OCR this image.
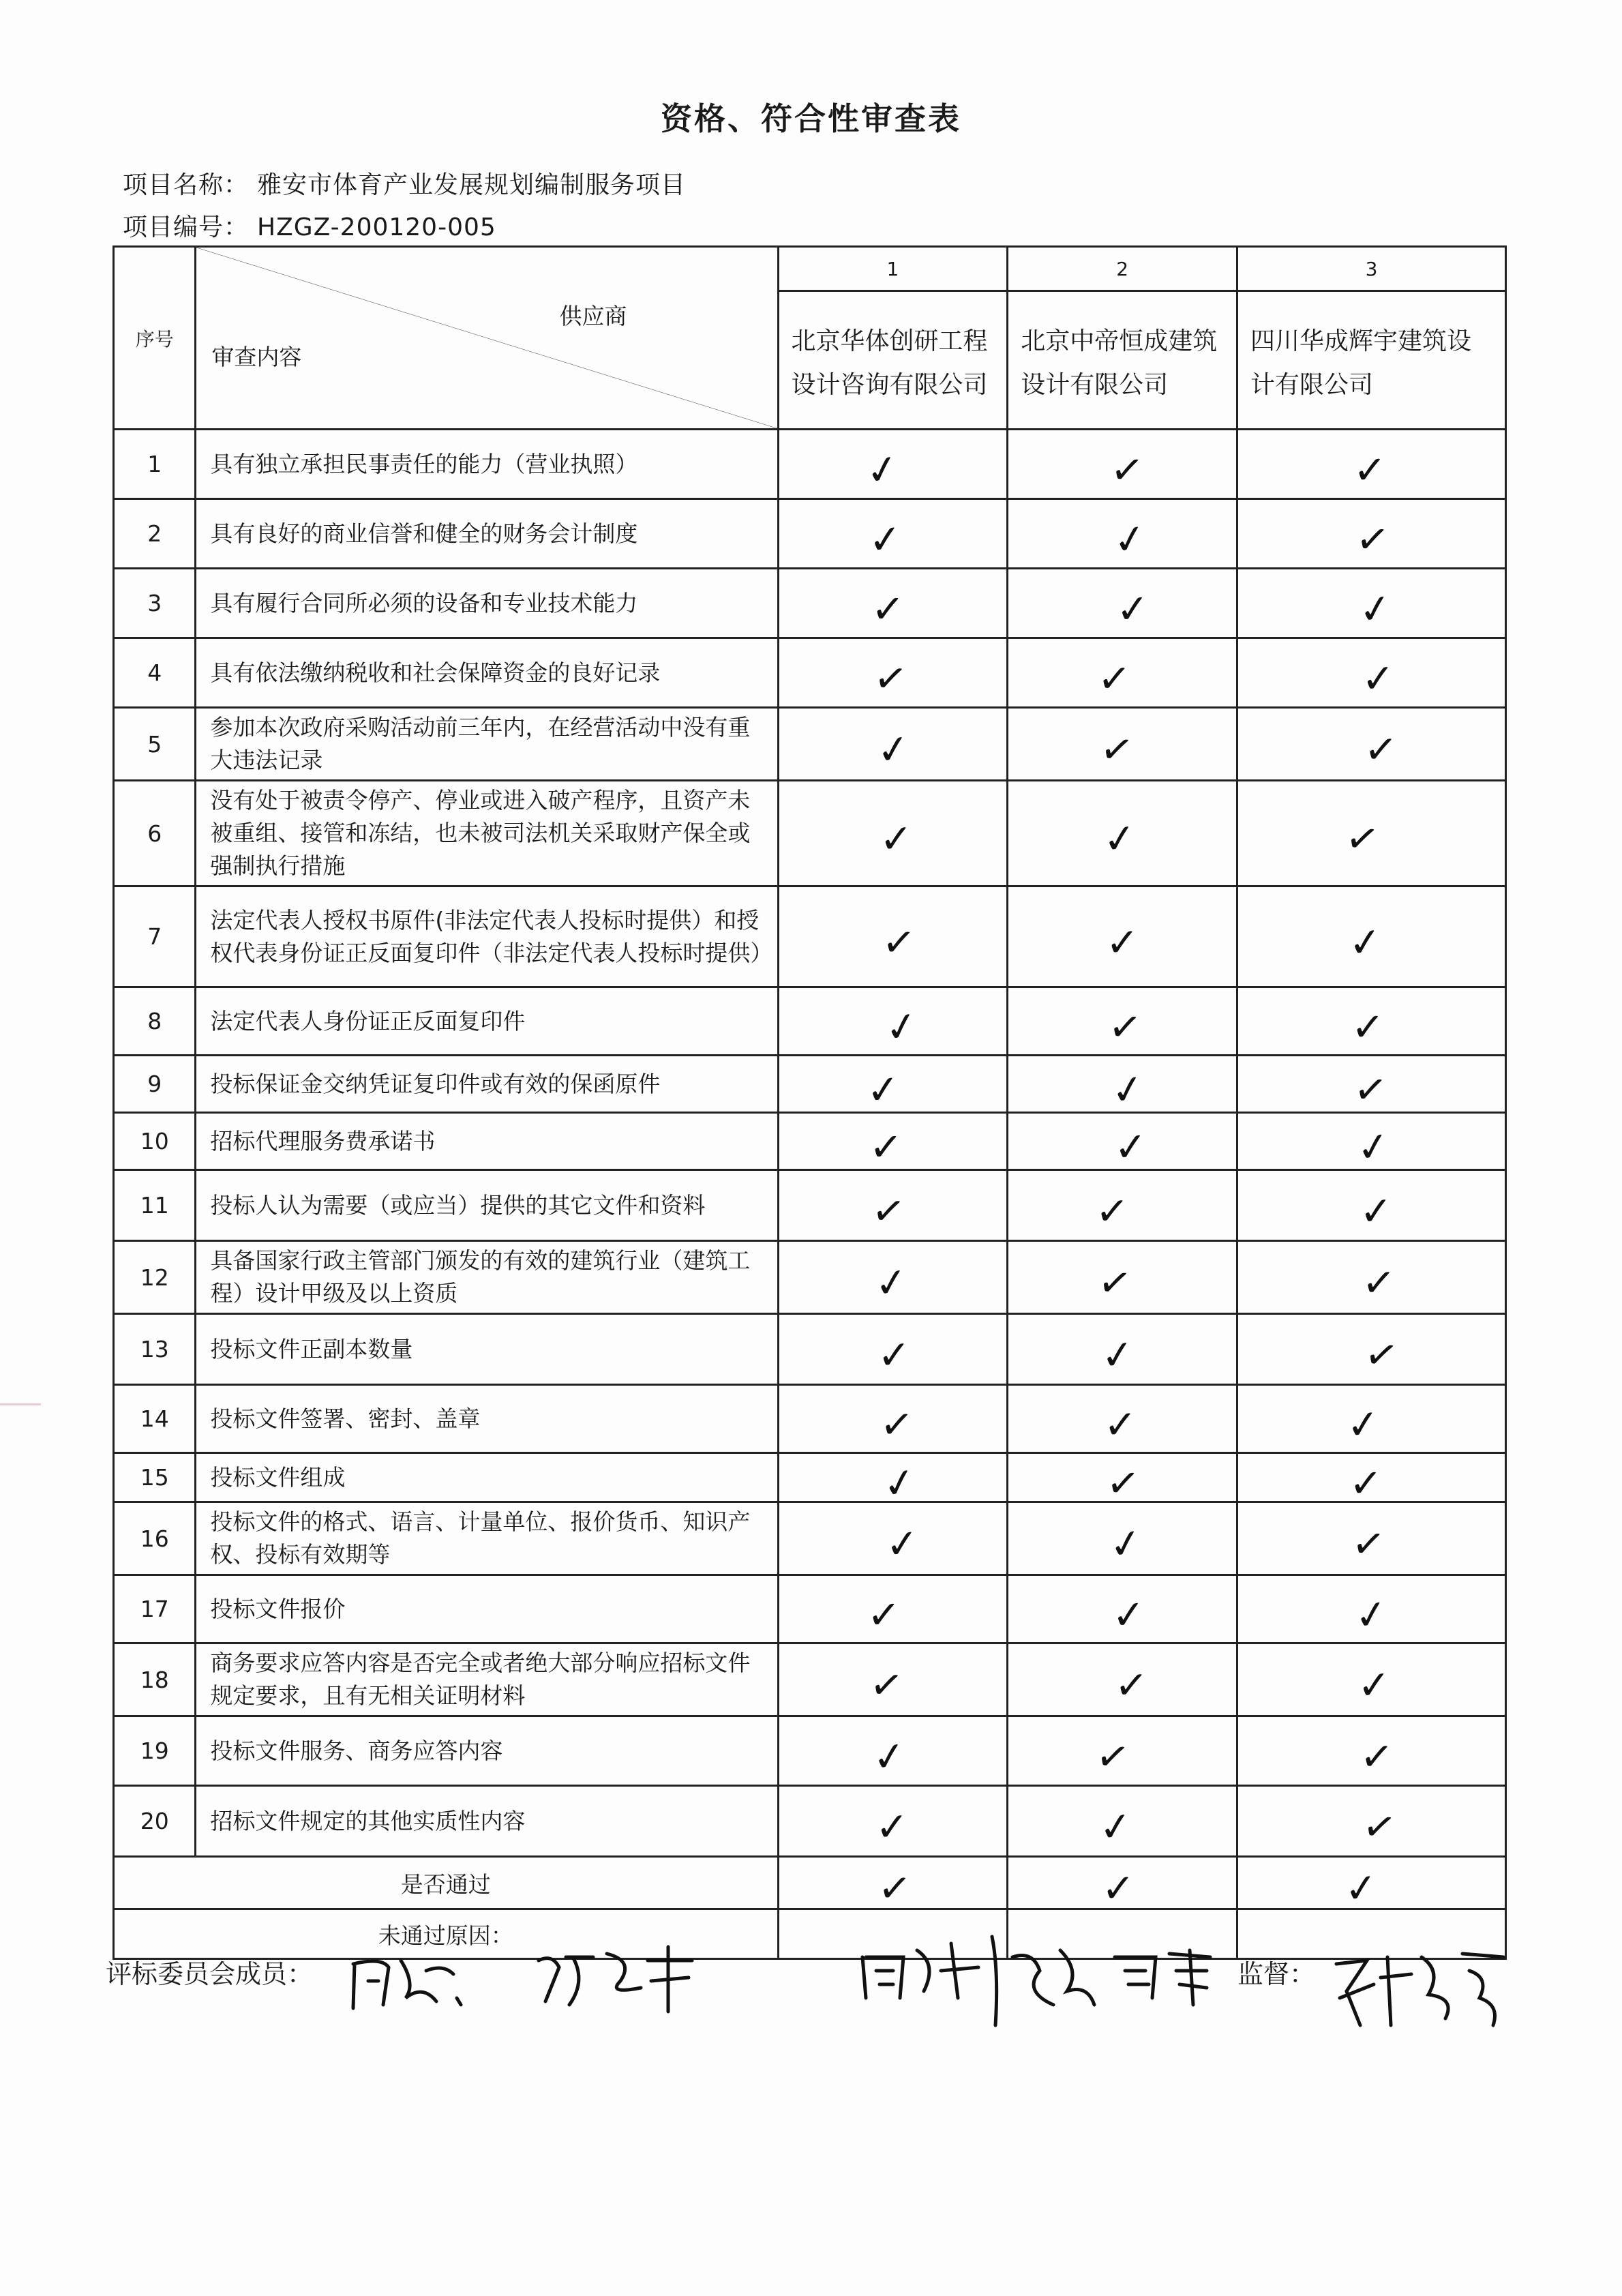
资格、符合性审查表
项目名称： 雅安市体育产业发展规划编制服务项目
项目编号： HZGZ-200120-005
序号	供应商
审查内容	1	2	3
		北京华体创研工程设计咨询有限公司	北京中帝恒成建筑设计有限公司	四川华成辉宇建筑设计有限公司
1	具有独立承担民事责任的能力（营业执照）	✓	✓	✓
2	具有良好的商业信誉和健全的财务会计制度	✓	✓	✓
3	具有履行合同所必须的设备和专业技术能力	✓	✓	✓
4	具有依法缴纳税收和社会保障资金的良好记录	✓	✓	✓
5	参加本次政府采购活动前三年内，在经营活动中没有重大违法记录	✓	✓	✓
6	没有处于被责令停产、停业或进入破产程序，且资产未被重组、接管和冻结，也未被司法机关采取财产保全或强制执行措施	✓	✓	✓
7	法定代表人授权书原件(非法定代表人投标时提供）和授权代表身份证正反面复印件（非法定代表人投标时提供）	✓	✓	✓
8	法定代表人身份证正反面复印件	✓	✓	✓
9	投标保证金交纳凭证复印件或有效的保函原件	✓	✓	✓
10	招标代理服务费承诺书	✓	✓	✓
11	投标人认为需要（或应当）提供的其它文件和资料	✓	✓	✓
12	具备国家行政主管部门颁发的有效的建筑行业（建筑工程）设计甲级及以上资质	✓	✓	✓
13	投标文件正副本数量	✓	✓	✓
14	投标文件签署、密封、盖章	✓	✓	✓
15	投标文件组成	✓	✓	✓
16	投标文件的格式、语言、计量单位、报价货币、知识产权、投标有效期等	✓	✓	✓
17	投标文件报价	✓	✓	✓
18	商务要求应答内容是否完全或者绝大部分响应招标文件规定要求，且有无相关证明材料	✓	✓	✓
19	投标文件服务、商务应答内容	✓	✓	✓
20	招标文件规定的其他实质性内容	✓	✓	✓
是否通过		✓	✓	✓
未通过原因：				
评标委员会成员：	监督：
